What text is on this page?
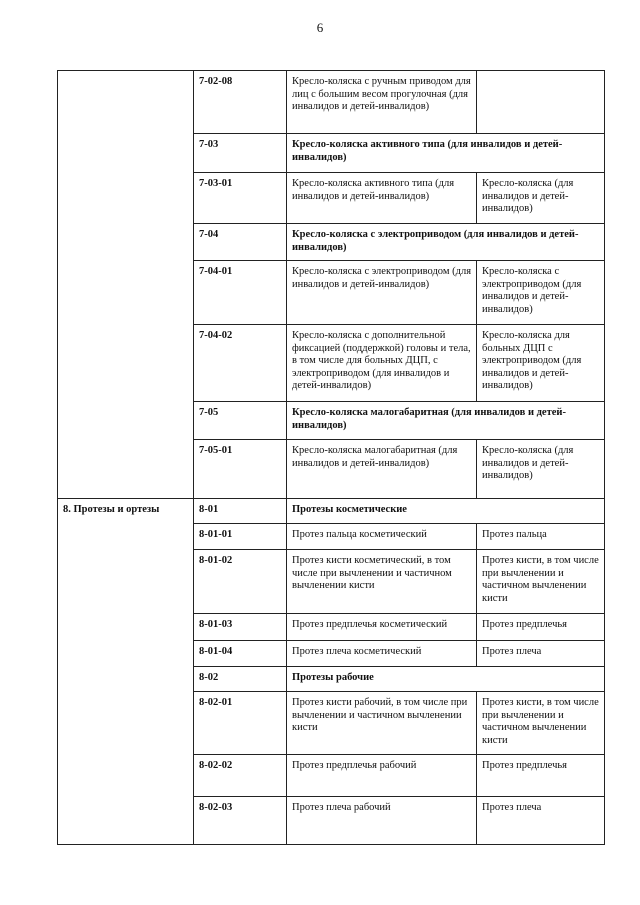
6
	7-02-08	Кресло-коляска с ручным приводом для лиц с большим весом прогулочная (для инвалидов и детей-инвалидов)	
	7-03	Кресло-коляска активного типа (для инвалидов и детей-инвалидов)	
	7-03-01	Кресло-коляска активного типа (для инвалидов и детей-инвалидов)	Кресло-коляска (для инвалидов и детей-инвалидов)
	7-04	Кресло-коляска с электроприводом (для инвалидов и детей-инвалидов)	
	7-04-01	Кресло-коляска с электроприводом (для инвалидов и детей-инвалидов)	Кресло-коляска с электроприводом (для инвалидов и детей-инвалидов)
	7-04-02	Кресло-коляска с дополнительной фиксацией (поддержкой) головы и тела, в том числе для больных ДЦП, с электроприводом (для инвалидов и детей-инвалидов)	Кресло-коляска для больных ДЦП с электроприводом (для инвалидов и детей-инвалидов)
	7-05	Кресло-коляска малогабаритная (для инвалидов и детей-инвалидов)	
	7-05-01	Кресло-коляска малогабаритная (для инвалидов и детей-инвалидов)	Кресло-коляска (для инвалидов и детей-инвалидов)
8. Протезы и ортезы	8-01	Протезы косметические	
	8-01-01	Протез пальца косметический	Протез пальца
	8-01-02	Протез кисти косметический, в том числе при вычленении и частичном вычленении кисти	Протез кисти, в том числе при вычленении и частичном вычленении кисти
	8-01-03	Протез предплечья косметический	Протез предплечья
	8-01-04	Протез плеча косметический	Протез плеча
	8-02	Протезы рабочие	
	8-02-01	Протез кисти рабочий, в том числе при вычленении и частичном вычленении кисти	Протез кисти, в том числе при вычленении и частичном вычленении кисти
	8-02-02	Протез предплечья рабочий	Протез предплечья
	8-02-03	Протез плеча рабочий	Протез плеча
